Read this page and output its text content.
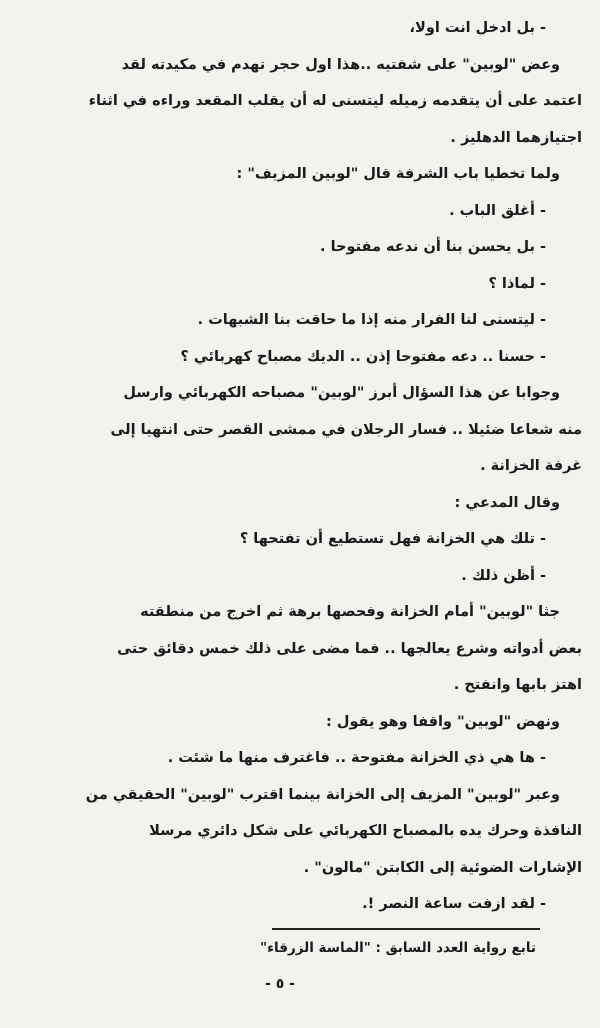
- بل ادخل انت اولا،
وعض "لوبين" على شفتيه ..هذا اول حجر تهدم في مكيدته لقد
اعتمد على أن يتقدمه زميله ليتسنى له أن يقلب المقعد وراءه في اثناء
اجتيازهما الدهليز .
ولما تخطيا باب الشرفة قال "لوبين المزيف" :
- أغلق الباب .
- بل يحسن بنا أن ندعه مفتوحا .
- لماذا ؟
- ليتسنى لنا الفرار منه إذا ما حاقت بنا الشبهات .
- حسنا .. دعه مفتوحا إذن .. الديك مصباح كهربائي ؟
وجوابا عن هذا السؤال أبرز "لوبين" مصباحه الكهربائي وارسل
منه شعاعا ضئيلا .. فسار الرجلان في ممشى القصر حتى انتهيا إلى
غرفة الخزانة .
وقال المدعي :
- تلك هي الخزانة فهل تستطيع أن تفتحها ؟
- أظن ذلك .
جثا "لوبين" أمام الخزانة وفحصها برهة ثم اخرج من منطقته
بعض أدواته وشرع يعالجها .. فما مضى على ذلك خمس دقائق حتى
اهتز بابها وانفتح .
ونهض "لوبين" واقفا وهو يقول :
- ها هي ذي الخزانة مفتوحة .. فاغترف منها ما شئت .
وعبر "لوبين" المزيف إلى الخزانة بينما اقترب "لوبين" الحقيقي من
النافذة وحرك يده بالمصباح الكهربائي على شكل دائري مرسلا
الإشارات الضوئية إلى الكابتن "مالون" .
- لقد ازفت ساعة النصر !.
تابع رواية العدد السابق : "الماسة الزرقاء"
- ٥ -
